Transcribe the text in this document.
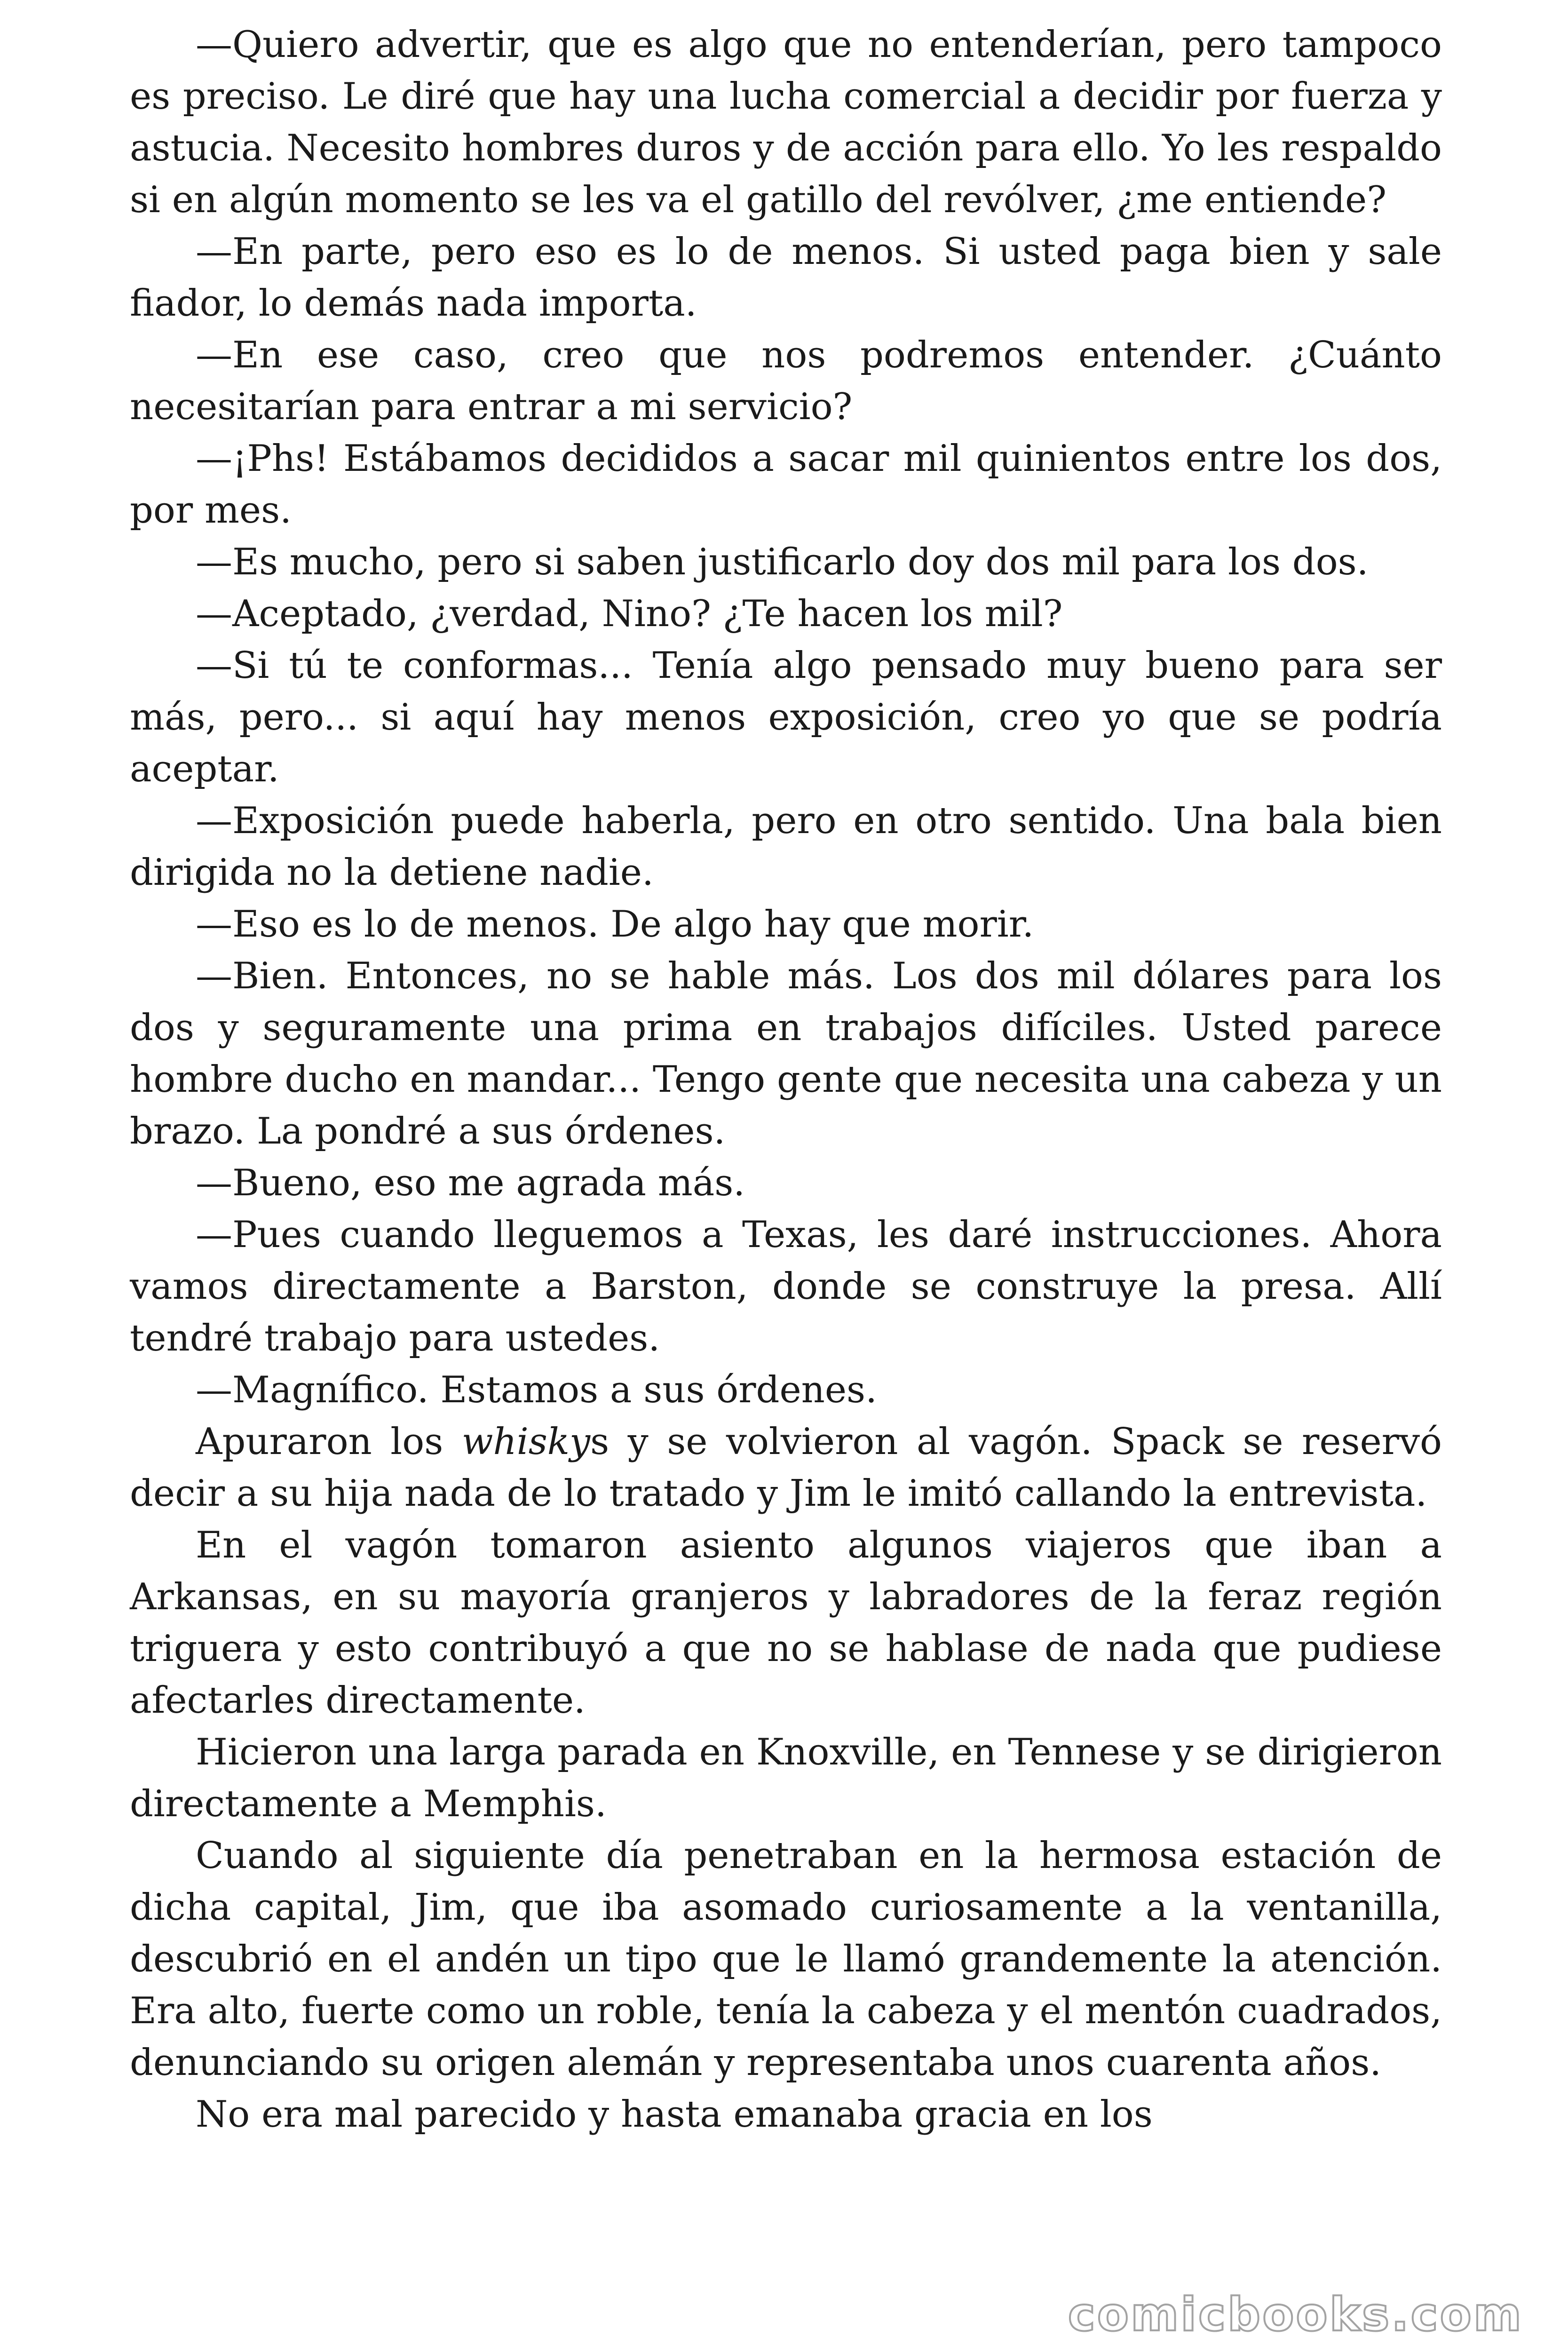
—Quiero advertir, que es algo que no entenderían, pero tampoco es preciso. Le diré que hay una lucha comercial a decidir por fuerza y astucia. Necesito hombres duros y de acción para ello. Yo les respaldo si en algún momento se les va el gatillo del revólver, ¿me entiende?

—En parte, pero eso es lo de menos. Si usted paga bien y sale fiador, lo demás nada importa.

—En ese caso, creo que nos podremos entender. ¿Cuánto necesitarían para entrar a mi servicio?

—¡Phs! Estábamos decididos a sacar mil quinientos entre los dos, por mes.

—Es mucho, pero si saben justificarlo doy dos mil para los dos.

—Aceptado, ¿verdad, Nino? ¿Te hacen los mil?

—Si tú te conformas... Tenía algo pensado muy bueno para ser más, pero... si aquí hay menos exposición, creo yo que se podría aceptar.

—Exposición puede haberla, pero en otro sentido. Una bala bien dirigida no la detiene nadie.

—Eso es lo de menos. De algo hay que morir.

—Bien. Entonces, no se hable más. Los dos mil dólares para los dos y seguramente una prima en trabajos difíciles. Usted parece hombre ducho en mandar... Tengo gente que necesita una cabeza y un brazo. La pondré a sus órdenes.

—Bueno, eso me agrada más.

—Pues cuando lleguemos a Texas, les daré instrucciones. Ahora vamos directamente a Barston, donde se construye la presa. Allí tendré trabajo para ustedes.

—Magnífico. Estamos a sus órdenes.

Apuraron los whiskys y se volvieron al vagón. Spack se reservó decir a su hija nada de lo tratado y Jim le imitó callando la entrevista.

En el vagón tomaron asiento algunos viajeros que iban a Arkansas, en su mayoría granjeros y labradores de la feraz región triguera y esto contribuyó a que no se hablase de nada que pudiese afectarles directamente.

Hicieron una larga parada en Knoxville, en Tennese y se dirigieron directamente a Memphis.

Cuando al siguiente día penetraban en la hermosa estación de dicha capital, Jim, que iba asomado curiosamente a la ventanilla, descubrió en el andén un tipo que le llamó grandemente la atención. Era alto, fuerte como un roble, tenía la cabeza y el mentón cuadrados, denunciando su origen alemán y representaba unos cuarenta años.

No era mal parecido y hasta emanaba gracia en los

comicbooks.com
